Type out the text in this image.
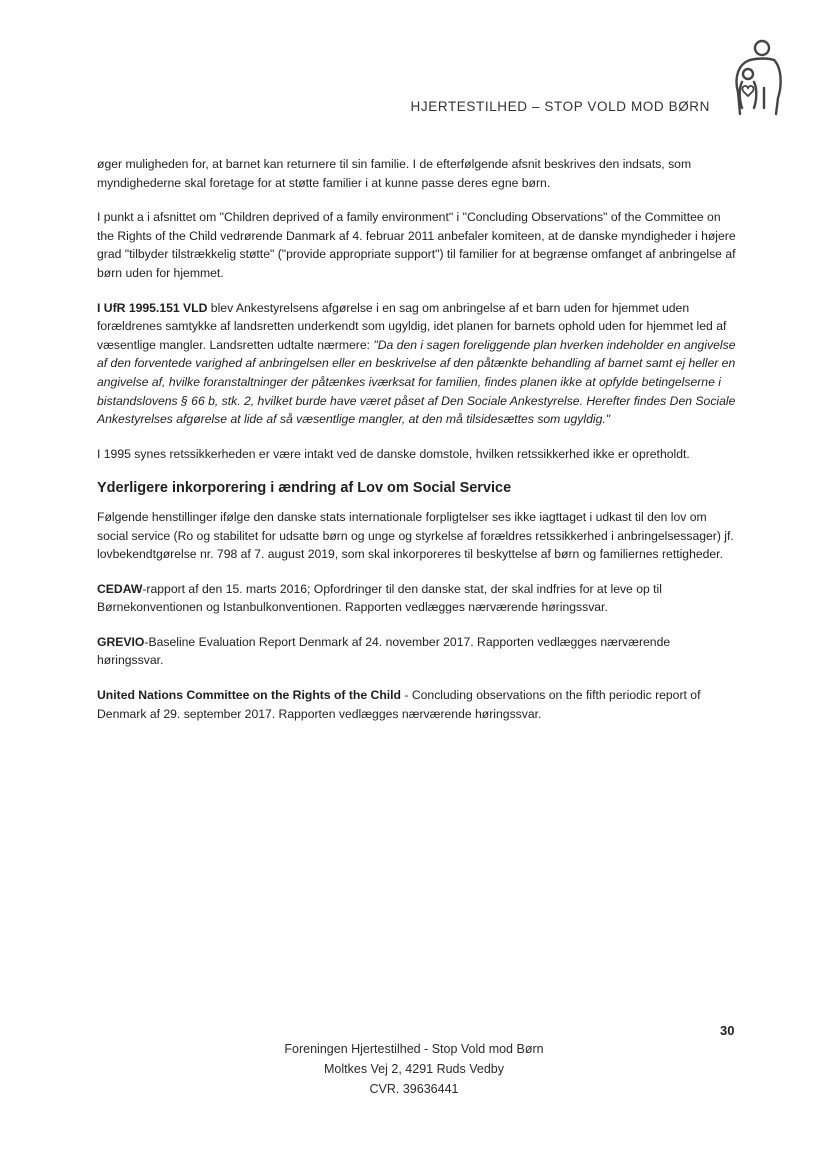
HJERTESTILHED – STOP VOLD MOD BØRN

øger muligheden for, at barnet kan returnere til sin familie. I de efterfølgende afsnit beskrives den indsats, som myndighederne skal foretage for at støtte familier i at kunne passe deres egne børn.

I punkt a i afsnittet om "Children deprived of a family environment" i "Concluding Observations" of the Committee on the Rights of the Child vedrørende Danmark af 4. februar 2011 anbefaler komiteen, at de danske myndigheder i højere grad "tilbyder tilstrækkelig støtte" ("provide appropriate support") til familier for at begrænse omfanget af anbringelse af børn uden for hjemmet.

I UfR 1995.151 VLD blev Ankestyrelsens afgørelse i en sag om anbringelse af et barn uden for hjemmet uden forældrenes samtykke af landsretten underkendt som ugyldig, idet planen for barnets ophold uden for hjemmet led af væsentlige mangler. Landsretten udtalte nærmere: "Da den i sagen foreliggende plan hverken indeholder en angivelse af den forventede varighed af anbringelsen eller en beskrivelse af den påtænkte behandling af barnet samt ej heller en angivelse af, hvilke foranstaltninger der påtænkes iværksat for familien, findes planen ikke at opfylde betingelserne i bistandslovens § 66 b, stk. 2, hvilket burde have været påset af Den Sociale Ankestyrelse. Herefter findes Den Sociale Ankestyrelses afgørelse at lide af så væsentlige mangler, at den må tilsidesættes som ugyldig."

I 1995 synes retssikkerheden er være intakt ved de danske domstole, hvilken retssikkerhed ikke er opretholdt.

Yderligere inkorporering i ændring af Lov om Social Service

Følgende henstillinger ifølge den danske stats internationale forpligtelser ses ikke iagttaget i udkast til den lov om social service (Ro og stabilitet for udsatte børn og unge og styrkelse af forældres retssikkerhed i anbringelsessager) jf. lovbekendtgørelse nr. 798 af 7. august 2019, som skal inkorporeres til beskyttelse af børn og familiernes rettigheder.

CEDAW-rapport af den 15. marts 2016; Opfordringer til den danske stat, der skal indfries for at leve op til Børnekonventionen og Istanbulkonventionen. Rapporten vedlægges nærværende høringssvar.

GREVIO-Baseline Evaluation Report Denmark af 24. november 2017. Rapporten vedlægges nærværende høringssvar.

United Nations Committee on the Rights of the Child - Concluding observations on the fifth periodic report of Denmark af 29. september 2017. Rapporten vedlægges nærværende høringssvar.

30
Foreningen Hjertestilhed - Stop Vold mod Børn
Moltkes Vej 2, 4291 Ruds Vedby
CVR. 39636441
